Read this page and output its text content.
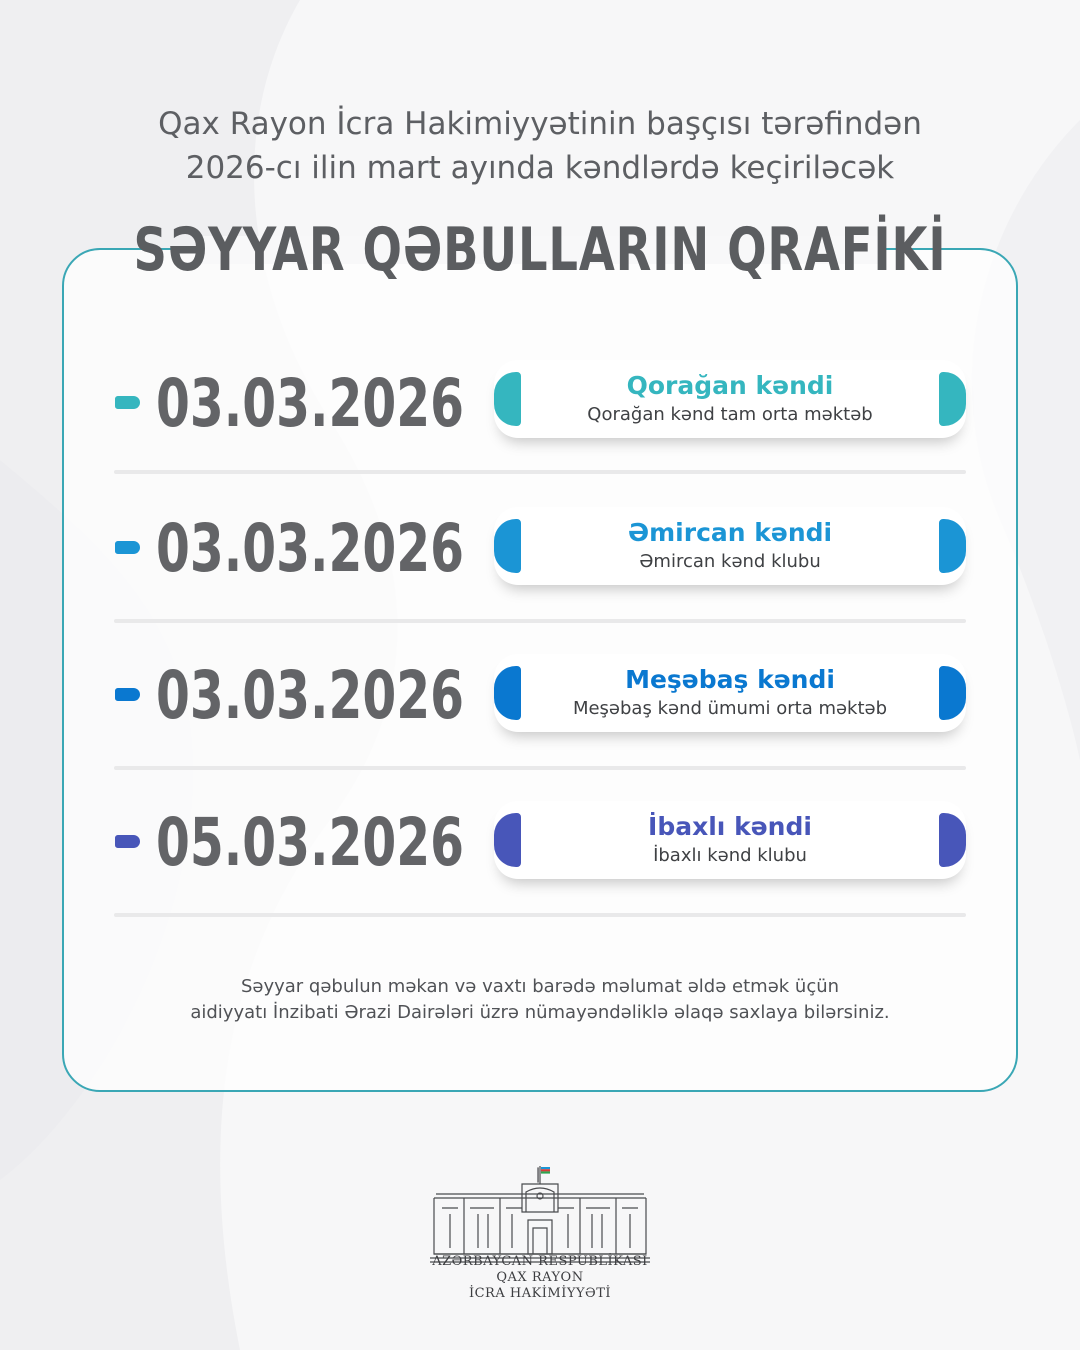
Qax Rayon İcra Hakimiyyətinin başçısı tərəfindən
2026-cı ilin mart ayında kəndlərdə keçiriləcək
SƏYYAR QƏBULLARIN QRAFİKİ
03.03.2026	Qorağan kəndi
Qorağan kənd tam orta məktəb
03.03.2026	Əmircan kəndi
Əmircan kənd klubu
03.03.2026	Meşəbaş kəndi
Meşəbaş kənd ümumi orta məktəb
05.03.2026	İbaxlı kəndi
İbaxlı kənd klubu
Səyyar qəbulun məkan və vaxtı barədə məlumat əldə etmək üçün
aidiyyatı İnzibati Ərazi Dairələri üzrə nümayəndəliklə əlaqə saxlaya bilərsiniz.
AZƏRBAYCAN RESPUBLİKASI
QAX RAYON
İCRA HAKİMİYYƏTİ
